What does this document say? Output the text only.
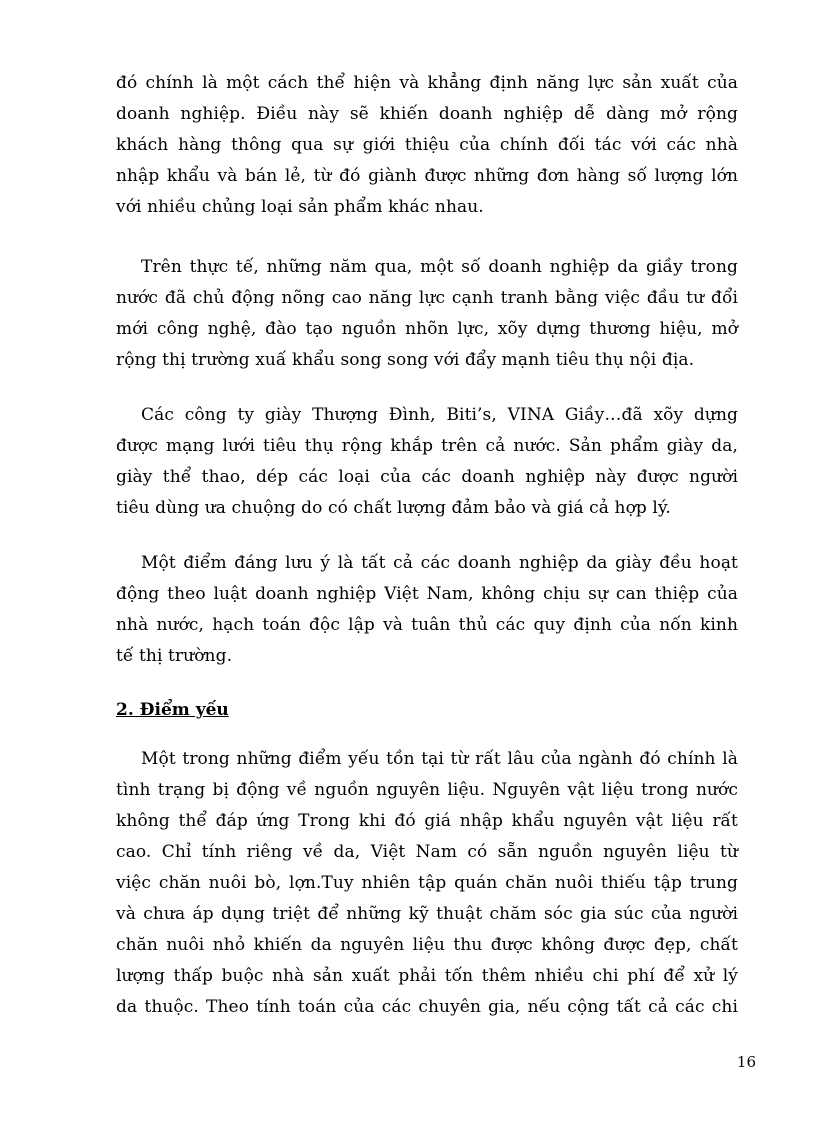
đó chính là một cách thể hiện và khẳng định năng lực sản xuất của
doanh nghiệp. Điều này sẽ khiến doanh nghiệp dễ dàng mở rộng
khách hàng thông qua sự giới thiệu của chính đối tác với các nhà
nhập khẩu và bán lẻ, từ đó giành được những đơn hàng số lượng lớn
với nhiều chủng loại sản phẩm khác nhau.

Trên thực tế, những năm qua, một số doanh nghiệp da giầy trong
nước đã chủ động nõng cao năng lực cạnh tranh bằng việc đầu tư đổi
mới công nghệ, đào tạo nguồn nhõn lực, xõy dựng thương hiệu, mở
rộng thị trường xuấ khẩu song song với đẩy mạnh tiêu thụ nội địa.

Các công ty giày Thượng Đình, Biti’s, VINA Giầy…đã xõy dựng
được mạng lưới tiêu thụ rộng khắp trên cả nước. Sản phẩm giày da,
giày thể thao, dép các loại của các doanh nghiệp này được người
tiêu dùng ưa chuộng do có chất lượng đảm bảo và giá cả hợp lý.

Một điểm đáng lưu ý là tất cả các doanh nghiệp da giày đều hoạt
động theo luật doanh nghiệp Việt Nam, không chịu sự can thiệp của
nhà nước, hạch toán độc lập và tuân thủ các quy định của nốn kinh
tế thị trường.

2. Điểm yếu

Một trong những điểm yếu tồn tại từ rất lâu của ngành đó chính là
tình trạng bị động về nguồn nguyên liệu. Nguyên vật liệu trong nước
không thể đáp ứng Trong khi đó giá nhập khẩu nguyên vật liệu rất
cao. Chỉ tính riêng về da, Việt Nam có sẵn nguồn nguyên liệu từ
việc chăn nuôi bò, lợn.Tuy nhiên tập quán chăn nuôi thiếu tập trung
và chưa áp dụng triệt để những kỹ thuật chăm sóc gia súc của người
chăn nuôi nhỏ khiến da nguyên liệu thu được không được đẹp, chất
lượng thấp buộc nhà sản xuất phải tốn thêm nhiều chi phí để xử lý
da thuộc. Theo tính toán của các chuyên gia, nếu cộng tất cả các chi

16
